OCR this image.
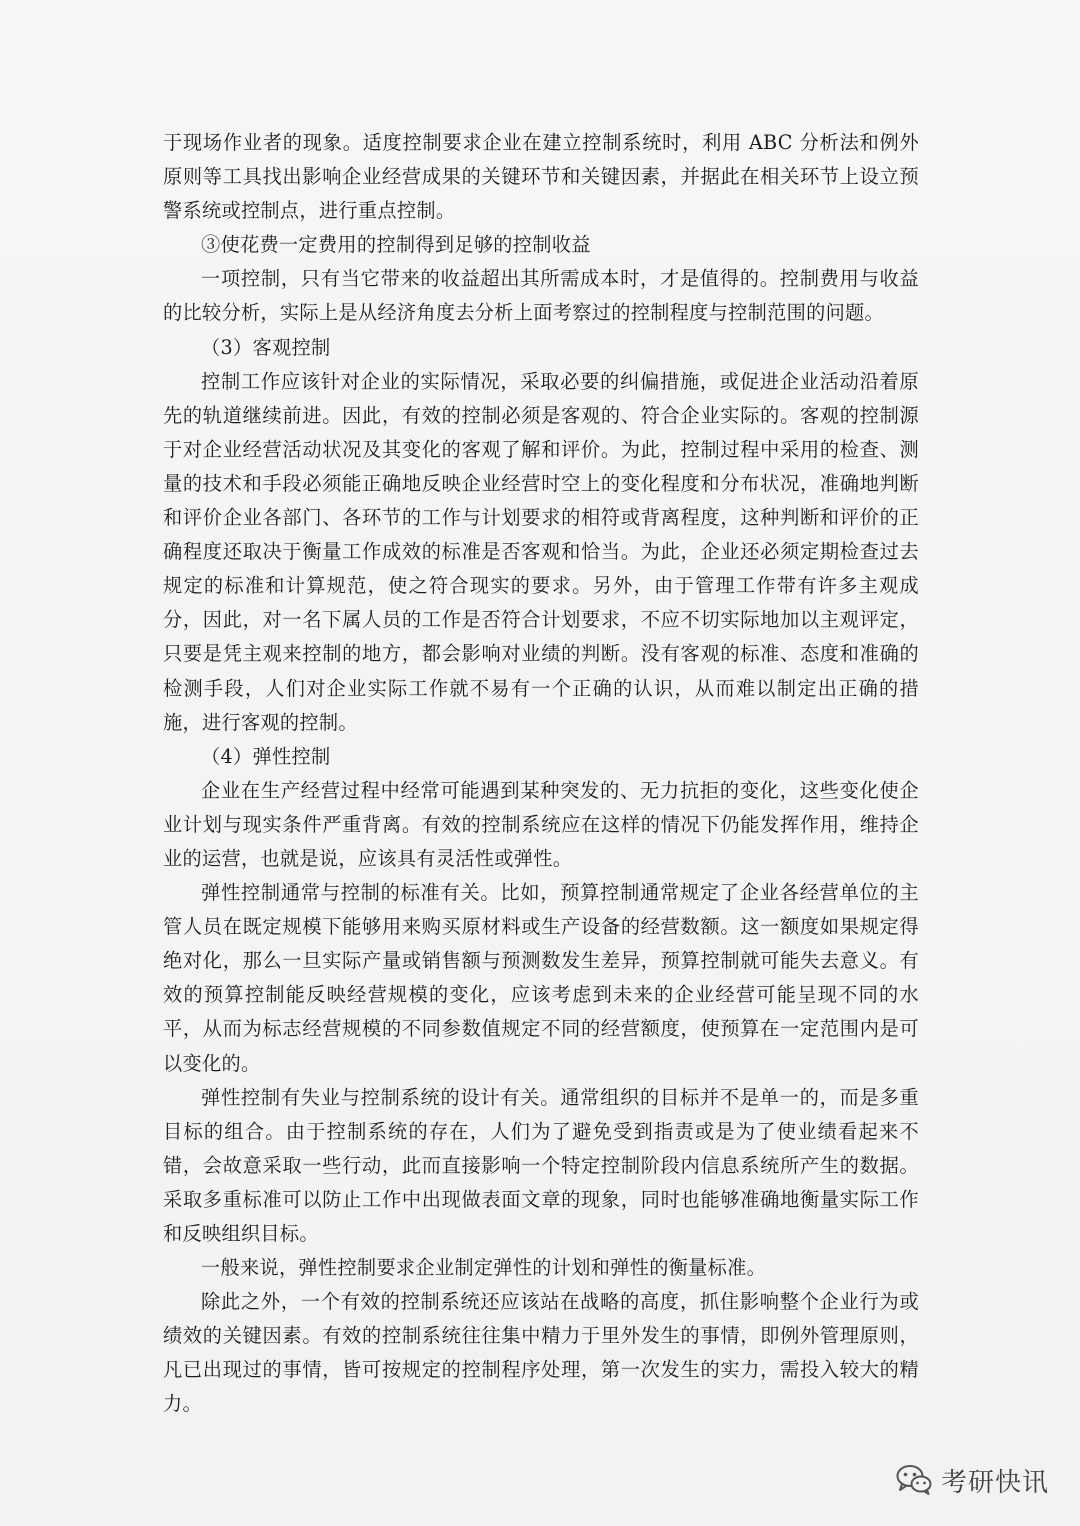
于现场作业者的现象。适度控制要求企业在建立控制系统时，利用 ABC 分析法和例外原则等工具找出影响企业经营成果的关键环节和关键因素，并据此在相关环节上设立预警系统或控制点，进行重点控制。

③使花费一定费用的控制得到足够的控制收益

一项控制，只有当它带来的收益超出其所需成本时，才是值得的。控制费用与收益的比较分析，实际上是从经济角度去分析上面考察过的控制程度与控制范围的问题。

（3）客观控制

控制工作应该针对企业的实际情况，采取必要的纠偏措施，或促进企业活动沿着原先的轨道继续前进。因此，有效的控制必须是客观的、符合企业实际的。客观的控制源于对企业经营活动状况及其变化的客观了解和评价。为此，控制过程中采用的检查、测量的技术和手段必须能正确地反映企业经营时空上的变化程度和分布状况，准确地判断和评价企业各部门、各环节的工作与计划要求的相符或背离程度，这种判断和评价的正确程度还取决于衡量工作成效的标准是否客观和恰当。为此，企业还必须定期检查过去规定的标准和计算规范，使之符合现实的要求。另外，由于管理工作带有许多主观成分，因此，对一名下属人员的工作是否符合计划要求，不应不切实际地加以主观评定，只要是凭主观来控制的地方，都会影响对业绩的判断。没有客观的标准、态度和准确的检测手段，人们对企业实际工作就不易有一个正确的认识，从而难以制定出正确的措施，进行客观的控制。

（4）弹性控制

企业在生产经营过程中经常可能遇到某种突发的、无力抗拒的变化，这些变化使企业计划与现实条件严重背离。有效的控制系统应在这样的情况下仍能发挥作用，维持企业的运营，也就是说，应该具有灵活性或弹性。

弹性控制通常与控制的标准有关。比如，预算控制通常规定了企业各经营单位的主管人员在既定规模下能够用来购买原材料或生产设备的经营数额。这一额度如果规定得绝对化，那么一旦实际产量或销售额与预测数发生差异，预算控制就可能失去意义。有效的预算控制能反映经营规模的变化，应该考虑到未来的企业经营可能呈现不同的水平，从而为标志经营规模的不同参数值规定不同的经营额度，使预算在一定范围内是可以变化的。

弹性控制有失业与控制系统的设计有关。通常组织的目标并不是单一的，而是多重目标的组合。由于控制系统的存在，人们为了避免受到指责或是为了使业绩看起来不错，会故意采取一些行动，此而直接影响一个特定控制阶段内信息系统所产生的数据。采取多重标准可以防止工作中出现做表面文章的现象，同时也能够准确地衡量实际工作和反映组织目标。

一般来说，弹性控制要求企业制定弹性的计划和弹性的衡量标准。

除此之外，一个有效的控制系统还应该站在战略的高度，抓住影响整个企业行为或绩效的关键因素。有效的控制系统往往集中精力于里外发生的事情，即例外管理原则，凡已出现过的事情，皆可按规定的控制程序处理，第一次发生的实力，需投入较大的精力。

考研快讯
